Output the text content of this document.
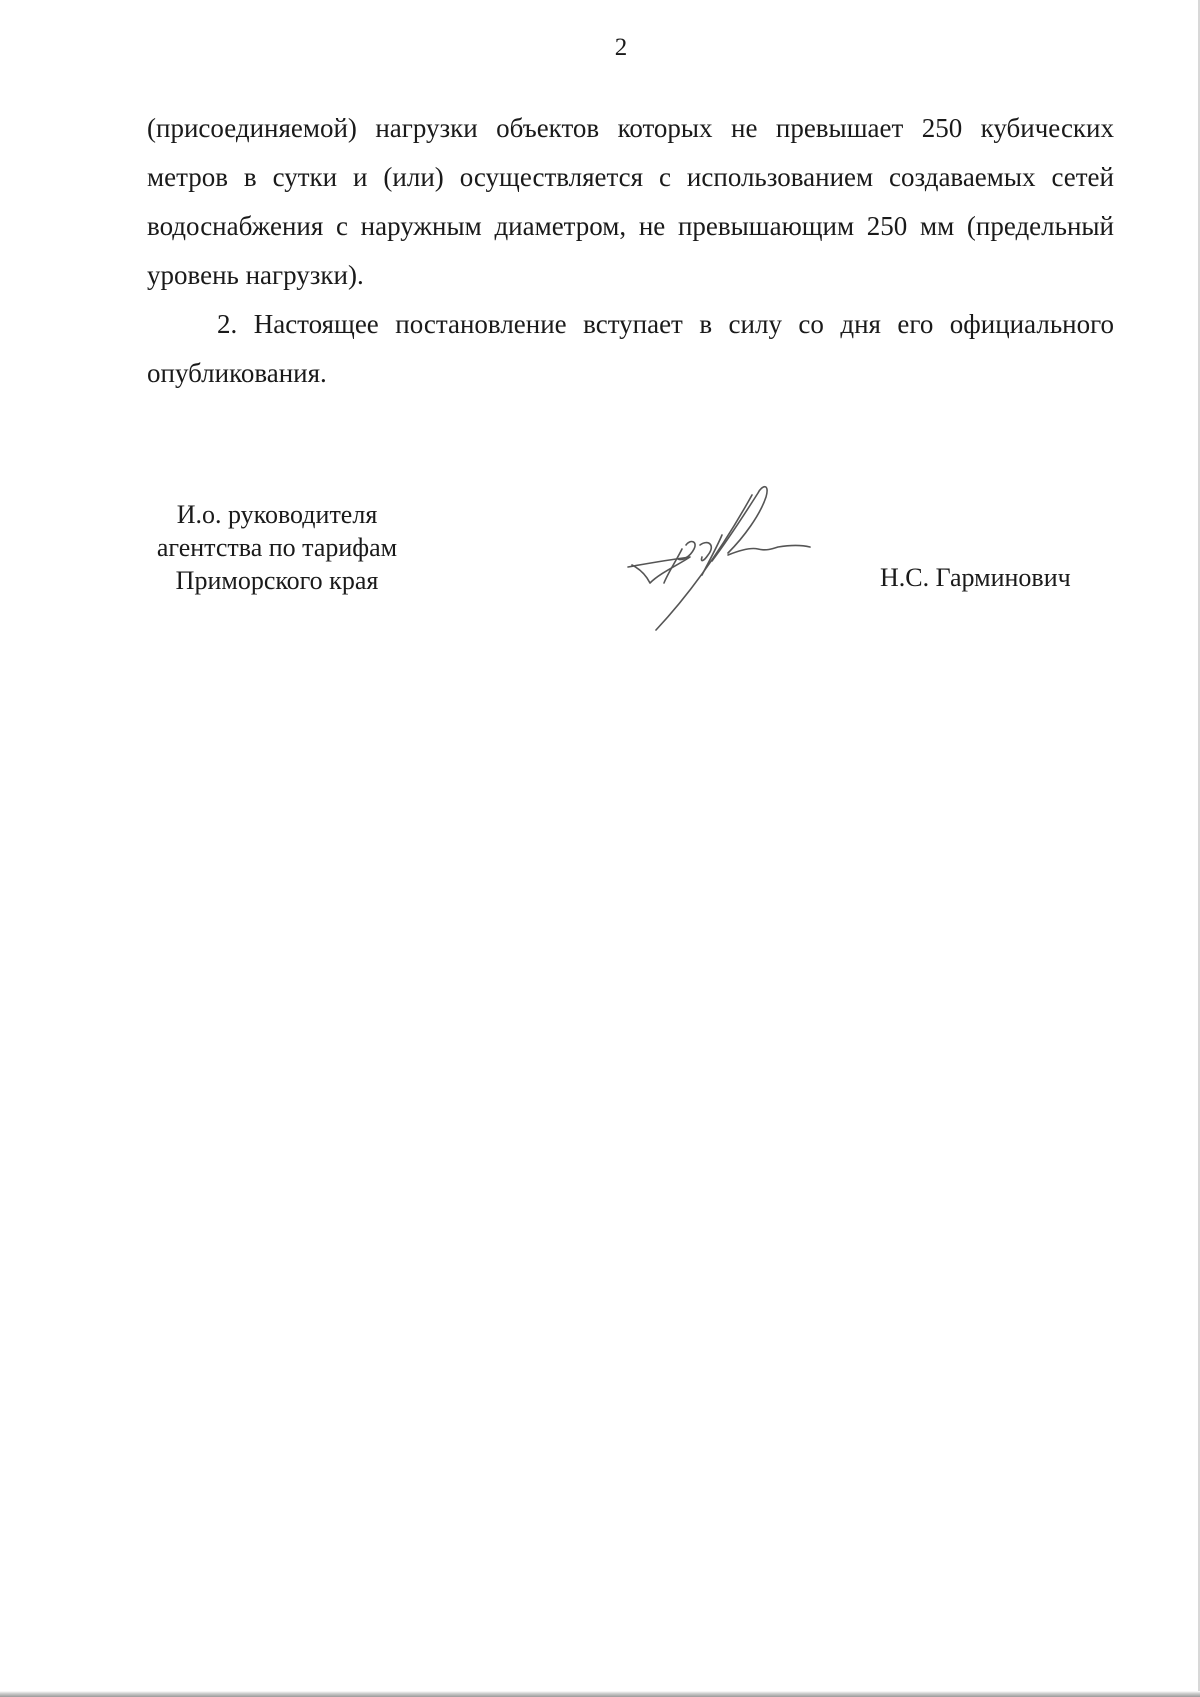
2

(присоединяемой) нагрузки объектов которых не превышает 250 кубических метров в сутки и (или) осуществляется с использованием создаваемых сетей водоснабжения с наружным диаметром, не превышающим 250 мм (предельный уровень нагрузки).

2. Настоящее постановление вступает в силу со дня его официального опубликования.

И.о. руководителя
агентства по тарифам
Приморского края	Н.С. Гарминович
